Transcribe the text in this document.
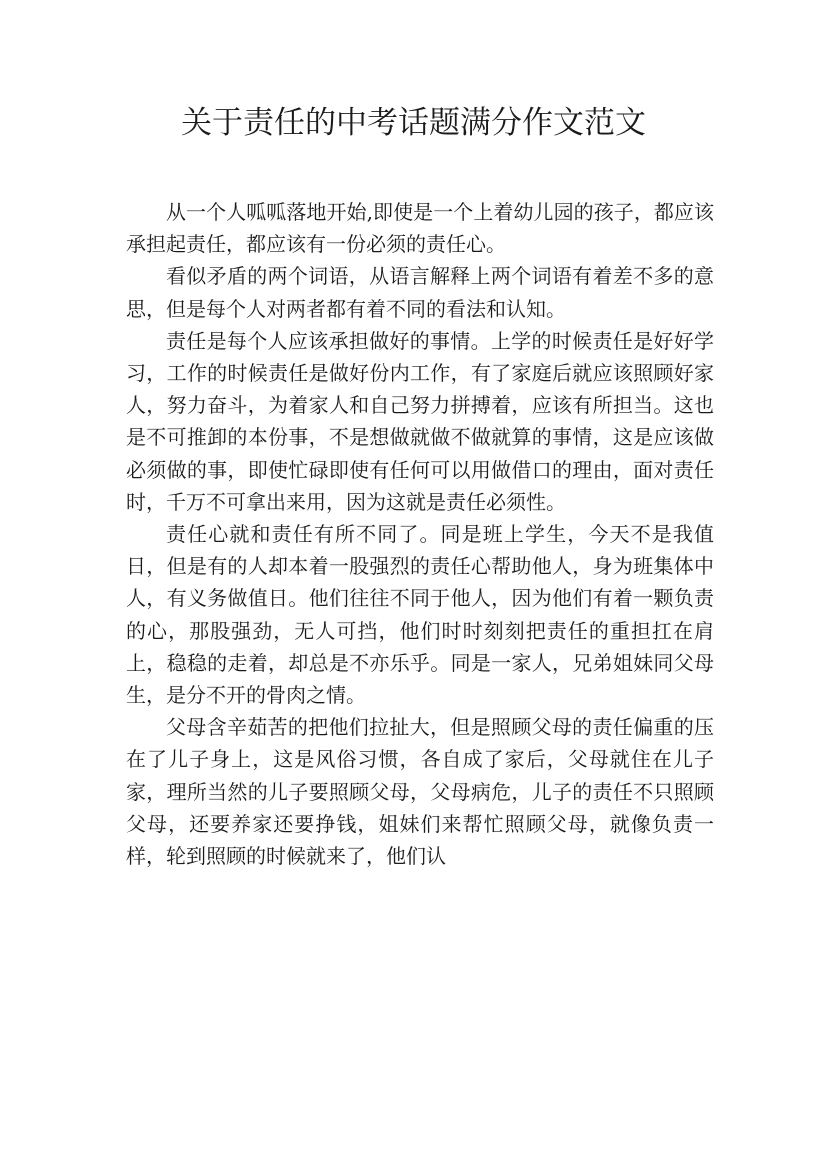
关于责任的中考话题满分作文范文

从一个人呱呱落地开始,即使是一个上着幼儿园的孩子，都应该承担起责任，都应该有一份必须的责任心。

看似矛盾的两个词语，从语言解释上两个词语有着差不多的意思，但是每个人对两者都有着不同的看法和认知。

责任是每个人应该承担做好的事情。上学的时候责任是好好学习，工作的时候责任是做好份内工作，有了家庭后就应该照顾好家人，努力奋斗，为着家人和自己努力拼搏着，应该有所担当。这也是不可推卸的本份事，不是想做就做不做就算的事情，这是应该做必须做的事，即使忙碌即使有任何可以用做借口的理由，面对责任时，千万不可拿出来用，因为这就是责任必须性。

责任心就和责任有所不同了。同是班上学生，今天不是我值日，但是有的人却本着一股强烈的责任心帮助他人，身为班集体中人，有义务做值日。他们往往不同于他人，因为他们有着一颗负责的心，那股强劲，无人可挡，他们时时刻刻把责任的重担扛在肩上，稳稳的走着，却总是不亦乐乎。同是一家人，兄弟姐妹同父母生，是分不开的骨肉之情。

父母含辛茹苦的把他们拉扯大，但是照顾父母的责任偏重的压在了儿子身上，这是风俗习惯，各自成了家后，父母就住在儿子家，理所当然的儿子要照顾父母，父母病危，儿子的责任不只照顾父母，还要养家还要挣钱，姐妹们来帮忙照顾父母，就像负责一样，轮到照顾的时候就来了，他们认
